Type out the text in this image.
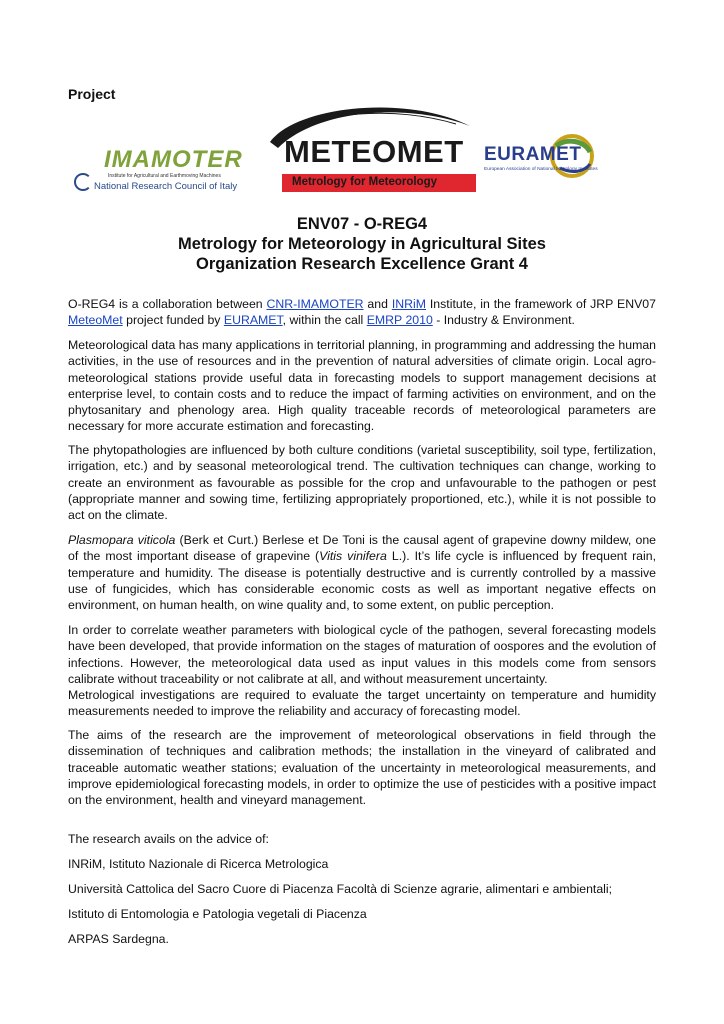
Project
IMAMOTER
Institute for Agricultural and Earthmoving Machines
National Research Council of Italy
METEOMET
Metrology for Meteorology
EURAMET
European Association of National Metrology Institutes
ENV07 - O-REG4
Metrology for Meteorology in Agricultural Sites
Organization Research Excellence Grant 4

O-REG4 is a collaboration between CNR-IMAMOTER and INRiM Institute, in the framework of JRP ENV07 MeteoMet project funded by EURAMET, within the call EMRP 2010 - Industry & Environment.

Meteorological data has many applications in territorial planning, in programming and addressing the human activities, in the use of resources and in the prevention of natural adversities of climate origin. Local agro-meteorological stations provide useful data in forecasting models to support management decisions at enterprise level, to contain costs and to reduce the impact of farming activities on environment, and on the phytosanitary and phenology area. High quality traceable records of meteorological parameters are necessary for more accurate estimation and forecasting.

The phytopathologies are influenced by both culture conditions (varietal susceptibility, soil type, fertilization, irrigation, etc.) and by seasonal meteorological trend. The cultivation techniques can change, working to create an environment as favourable as possible for the crop and unfavourable to the pathogen or pest (appropriate manner and sowing time, fertilizing appropriately proportioned, etc.), while it is not possible to act on the climate.

Plasmopara viticola (Berk et Curt.) Berlese et De Toni is the causal agent of grapevine downy mildew, one of the most important disease of grapevine (Vitis vinifera L.). It’s life cycle is influenced by frequent rain, temperature and humidity. The disease is potentially destructive and is currently controlled by a massive use of fungicides, which has considerable economic costs as well as important negative effects on environment, on human health, on wine quality and, to some extent, on public perception.

In order to correlate weather parameters with biological cycle of the pathogen, several forecasting models have been developed, that provide information on the stages of maturation of oospores and the evolution of infections. However, the meteorological data used as input values in this models come from sensors calibrate without traceability or not calibrate at all, and without measurement uncertainty.

Metrological investigations are required to evaluate the target uncertainty on temperature and humidity measurements needed to improve the reliability and accuracy of forecasting model.

The aims of the research are the improvement of meteorological observations in field through the dissemination of techniques and calibration methods; the installation in the vineyard of calibrated and traceable automatic weather stations; evaluation of the uncertainty in meteorological measurements, and improve epidemiological forecasting models, in order to optimize the use of pesticides with a positive impact on the environment, health and vineyard management.

The research avails on the advice of:
INRiM, Istituto Nazionale di Ricerca Metrologica
Università Cattolica del Sacro Cuore di Piacenza Facoltà di Scienze agrarie, alimentari e ambientali;
Istituto di Entomologia e Patologia vegetali di Piacenza
ARPAS Sardegna.
